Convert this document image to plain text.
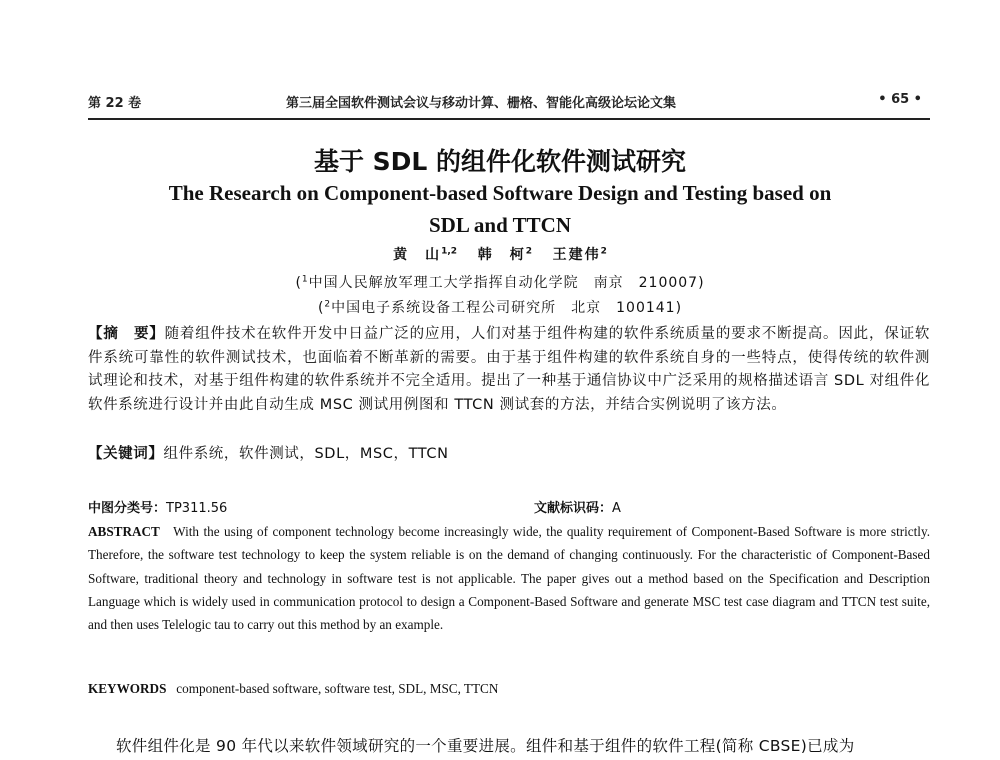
第 22 卷	第三届全国软件测试会议与移动计算、栅格、智能化高级论坛论文集	• 65 •
基于 SDL 的组件化软件测试研究
The Research on Component-based Software Design and Testing based on SDL and TTCN
黄　山$^{1,2}$ 韩　柯$^2$ 王建伟$^2$
($^1$中国人民解放军理工大学指挥自动化学院　南京　210007)
($^2$中国电子系统设备工程公司研究所　北京　100141)
【摘　要】随着组件技术在软件开发中日益广泛的应用，人们对基于组件构建的软件系统质量的要求不断提高。因此，保证软件系统可靠性的软件测试技术，也面临着不断革新的需要。由于基于组件构建的软件系统自身的一些特点，使得传统的软件测试理论和技术，对基于组件构建的软件系统并不完全适用。提出了一种基于通信协议中广泛采用的规格描述语言 SDL 对组件化软件系统进行设计并由此自动生成 MSC 测试用例图和 TTCN 测试套的方法，并结合实例说明了该方法。
【关键词】组件系统，软件测试，SDL，MSC，TTCN
中图分类号：TP311.56	文献标识码：A
ABSTRACT With the using of component technology become increasingly wide, the quality requirement of Component-Based Software is more strictly. Therefore, the software test technology to keep the system reliable is on the demand of changing continuously. For the characteristic of Component-Based Software, traditional theory and technology in software test is not applicable. The paper gives out a method based on the Specification and Description Language which is widely used in communication protocol to design a Component-Based Software and generate MSC test case diagram and TTCN test suite, and then uses Telelogic tau to carry out this method by an example.
KEYWORDS component-based software, software test, SDL, MSC, TTCN
软件组件化是 90 年代以来软件领域研究的一个重要进展。组件和基于组件的软件工程(简称 CBSE)已成为
